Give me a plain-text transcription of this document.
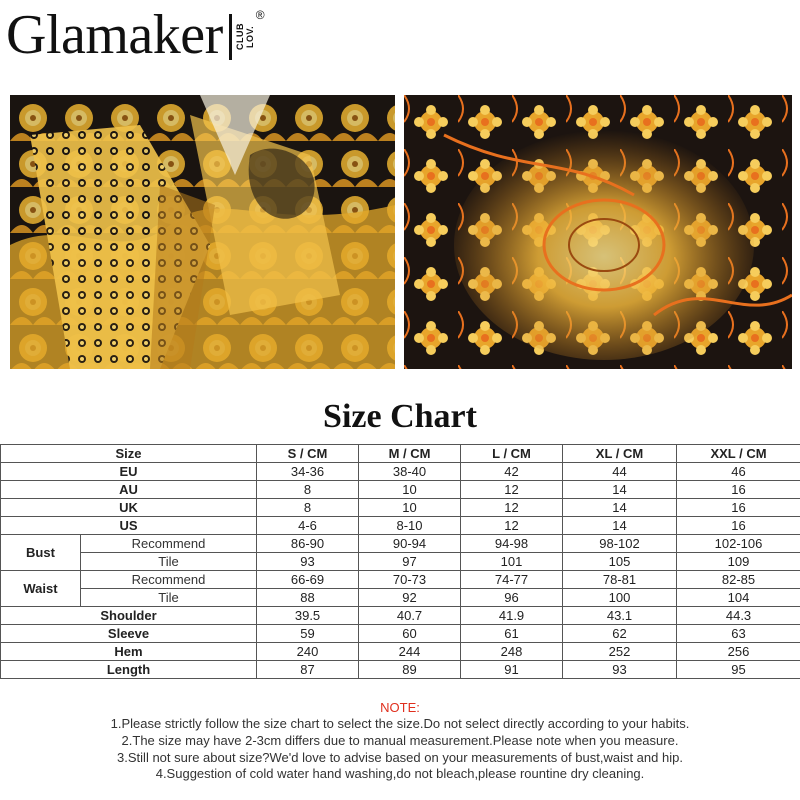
Glamaker CLUB LOV.
®
Size Chart
Size		S / CM	M / CM	L / CM	XL / CM	XXL / CM
EU		34-36	38-40	42	44	46
AU		8	10	12	14	16
UK		8	10	12	14	16
US		4-6	8-10	12	14	16
Bust	Recommend	86-90	90-94	94-98	98-102	102-106
	Tile	93	97	101	105	109
Waist	Recommend	66-69	70-73	74-77	78-81	82-85
	Tile	88	92	96	100	104
Shoulder		39.5	40.7	41.9	43.1	44.3
Sleeve		59	60	61	62	63
Hem		240	244	248	252	256
Length		87	89	91	93	95
NOTE:
1.Please strictly follow the size chart to select the size.Do not select directly according to your habits.
2.The size may have 2-3cm differs due to manual measurement.Please note when you measure.
3.Still not sure about size?We'd love to advise based on your measurements of bust,waist and hip.
4.Suggestion of cold water hand washing,do not bleach,please rountine dry cleaning.
